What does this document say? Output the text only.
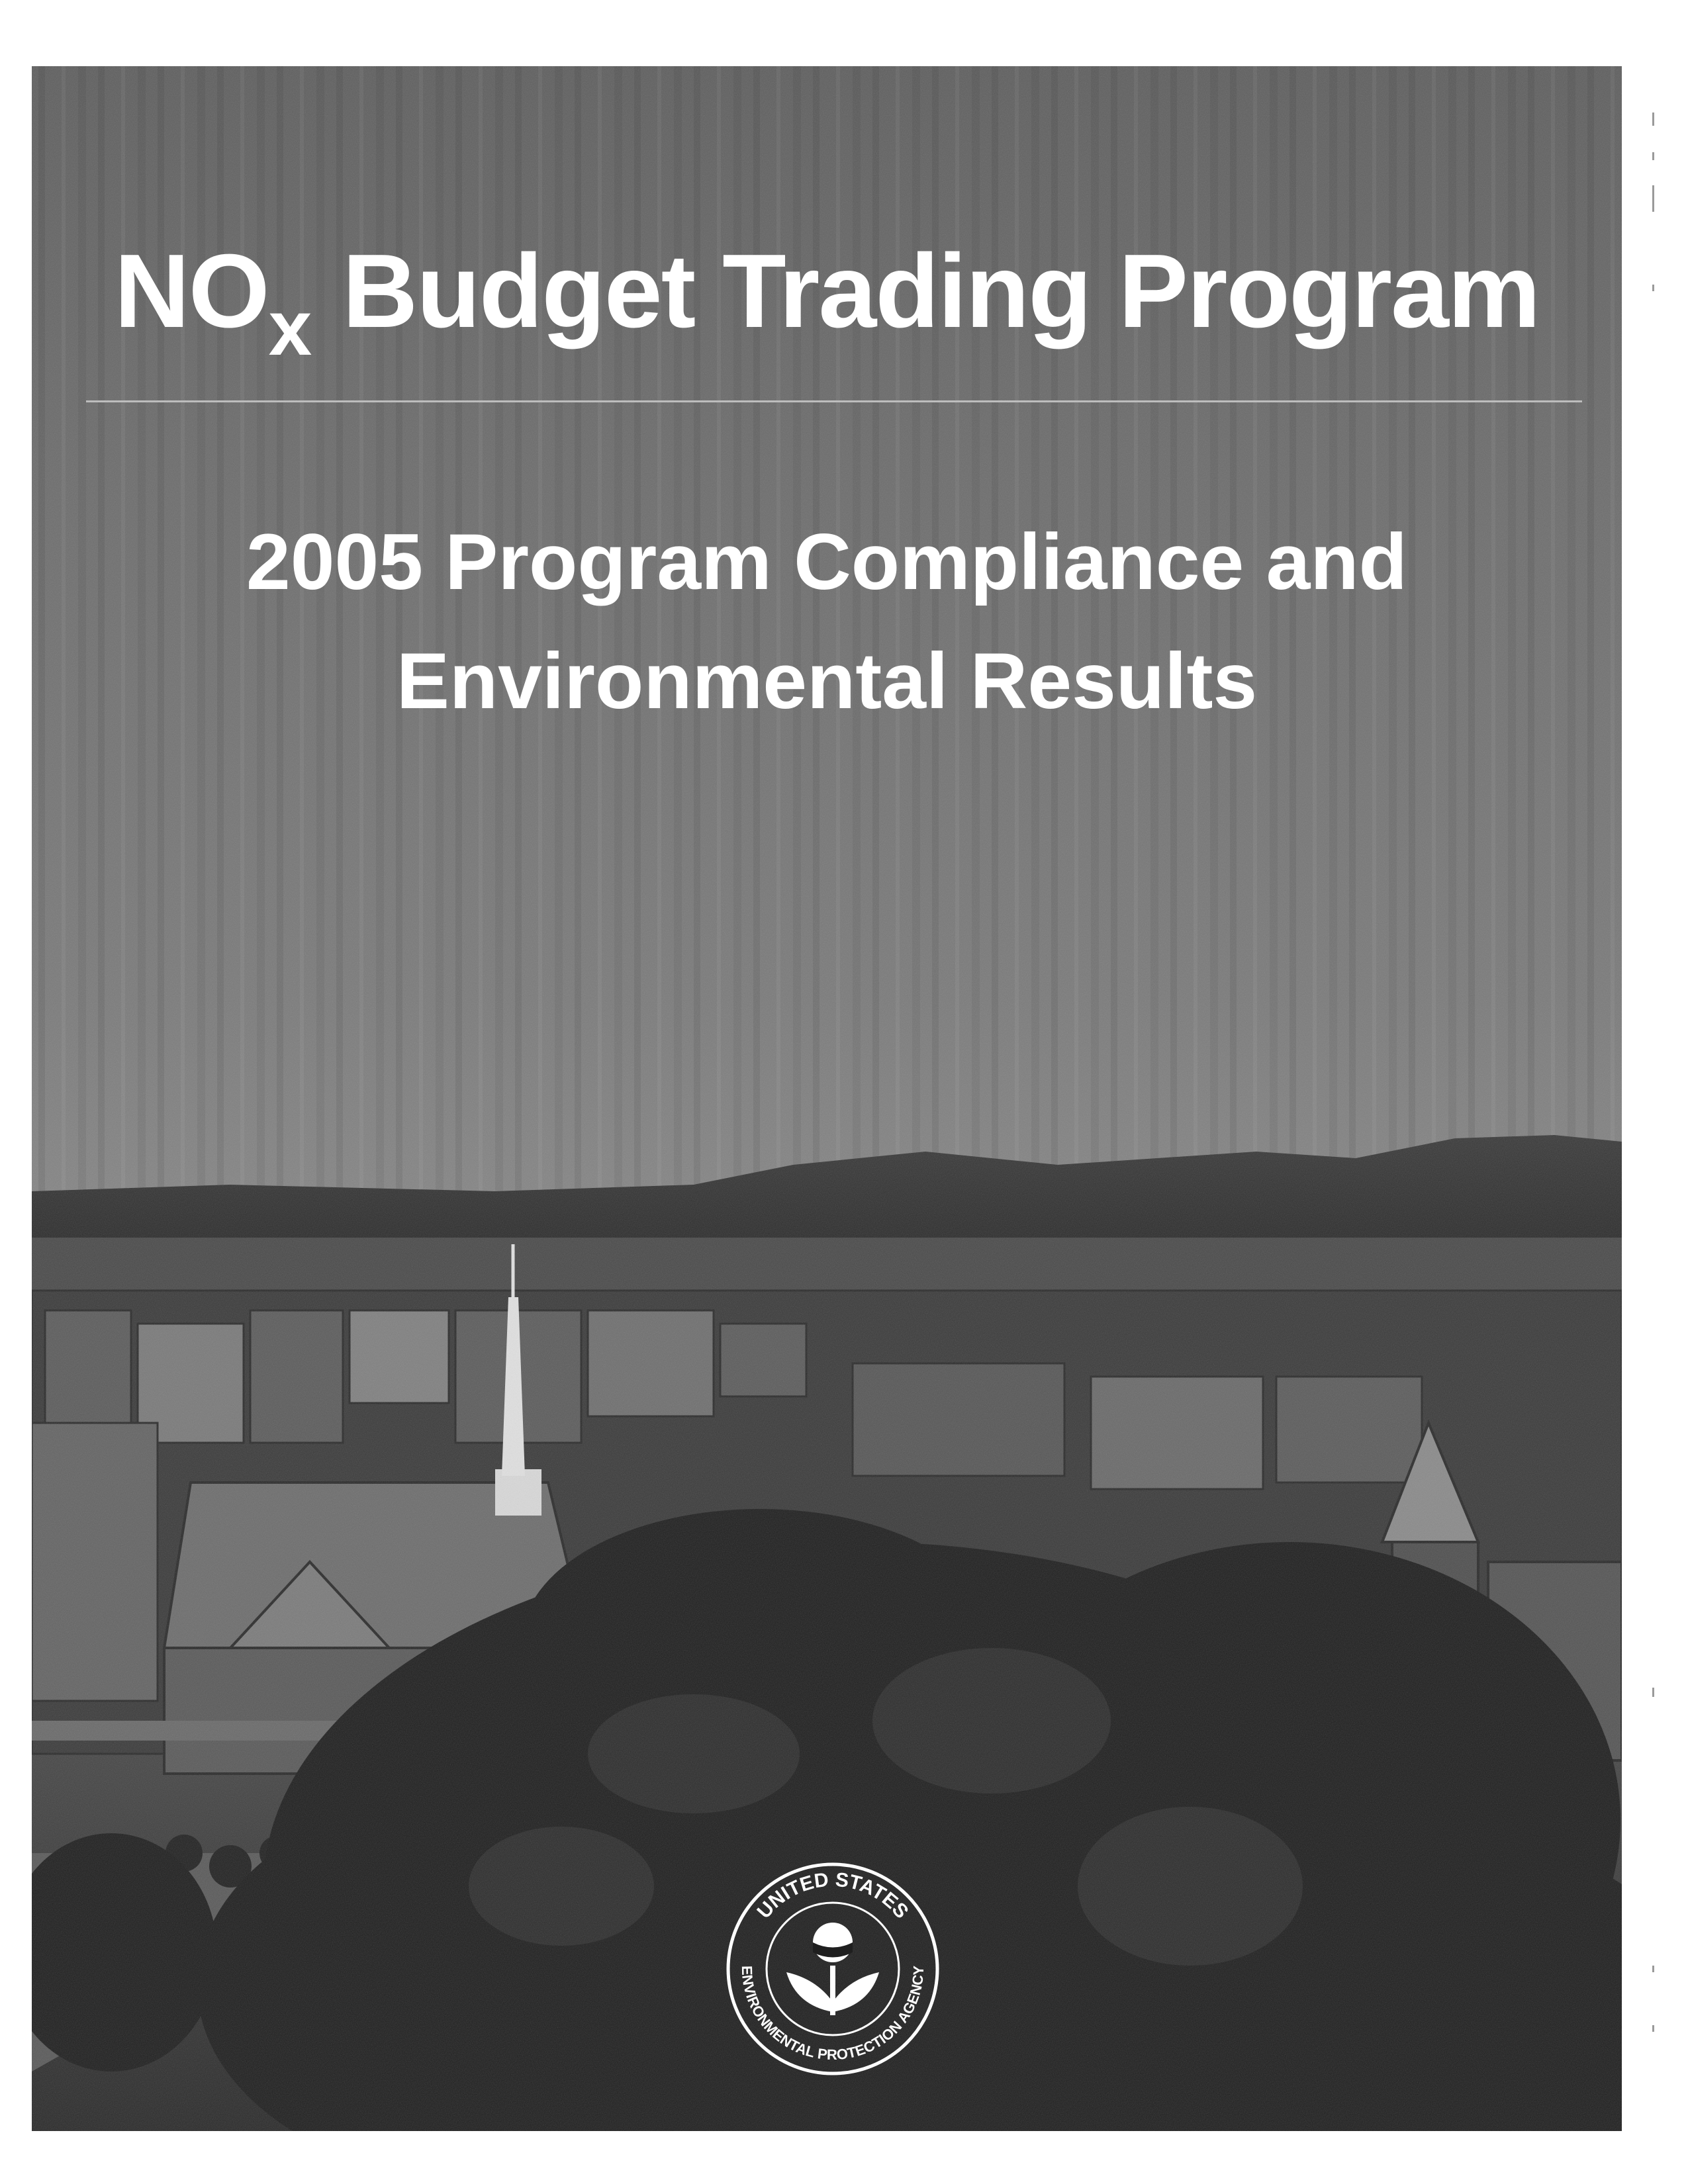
$NO_x$ Budget Trading Program
2005 Program Compliance and
Environmental Results
UNITED STATES
ENVIRONMENTAL PROTECTION AGENCY
